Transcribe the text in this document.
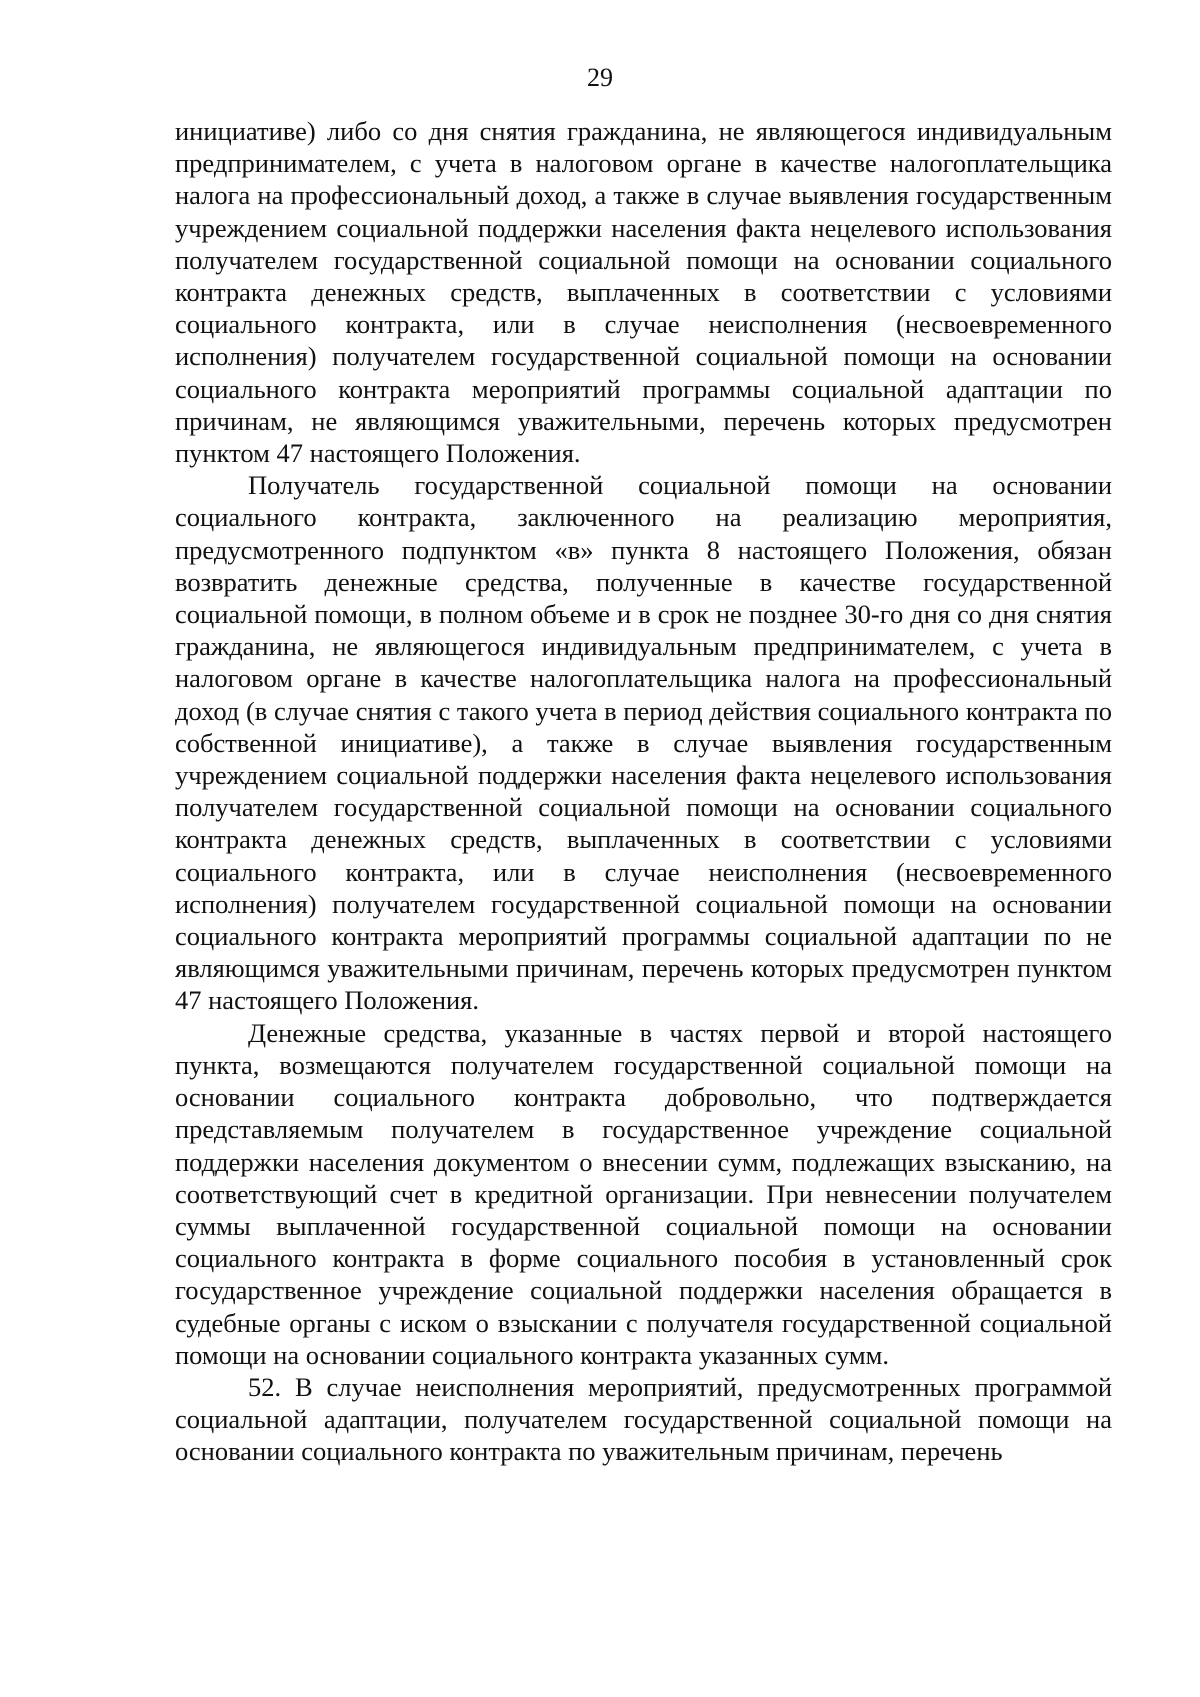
29

инициативе) либо со дня снятия гражданина, не являющегося индивидуальным предпринимателем, с учета в налоговом органе в качестве налогоплательщика налога на профессиональный доход, а также в случае выявления государственным учреждением социальной поддержки населения факта нецелевого использования получателем государственной социальной помощи на основании социального контракта денежных средств, выплаченных в соответствии с условиями социального контракта, или в случае неисполнения (несвоевременного исполнения) получателем государственной социальной помощи на основании социального контракта мероприятий программы социальной адаптации по причинам, не являющимся уважительными, перечень которых предусмотрен пунктом 47 настоящего Положения.

Получатель государственной социальной помощи на основании социального контракта, заключенного на реализацию мероприятия, предусмотренного подпунктом «в» пункта 8 настоящего Положения, обязан возвратить денежные средства, полученные в качестве государственной социальной помощи, в полном объеме и в срок не позднее 30-го дня со дня снятия гражданина, не являющегося индивидуальным предпринимателем, с учета в налоговом органе в качестве налогоплательщика налога на профессиональный доход (в случае снятия с такого учета в период действия социального контракта по собственной инициативе), а также в случае выявления государственным учреждением социальной поддержки населения факта нецелевого использования получателем государственной социальной помощи на основании социального контракта денежных средств, выплаченных в соответствии с условиями социального контракта, или в случае неисполнения (несвоевременного исполнения) получателем государственной социальной помощи на основании социального контракта мероприятий программы социальной адаптации по не являющимся уважительными причинам, перечень которых предусмотрен пунктом 47 настоящего Положения.

Денежные средства, указанные в частях первой и второй настоящего пункта, возмещаются получателем государственной социальной помощи на основании социального контракта добровольно, что подтверждается представляемым получателем в государственное учреждение социальной поддержки населения документом о внесении сумм, подлежащих взысканию, на соответствующий счет в кредитной организации. При невнесении получателем суммы выплаченной государственной социальной помощи на основании социального контракта в форме социального пособия в установленный срок государственное учреждение социальной поддержки населения обращается в судебные органы с иском о взыскании с получателя государственной социальной помощи на основании социального контракта указанных сумм.

52. В случае неисполнения мероприятий, предусмотренных программой социальной адаптации, получателем государственной социальной помощи на основании социального контракта по уважительным причинам, перечень
